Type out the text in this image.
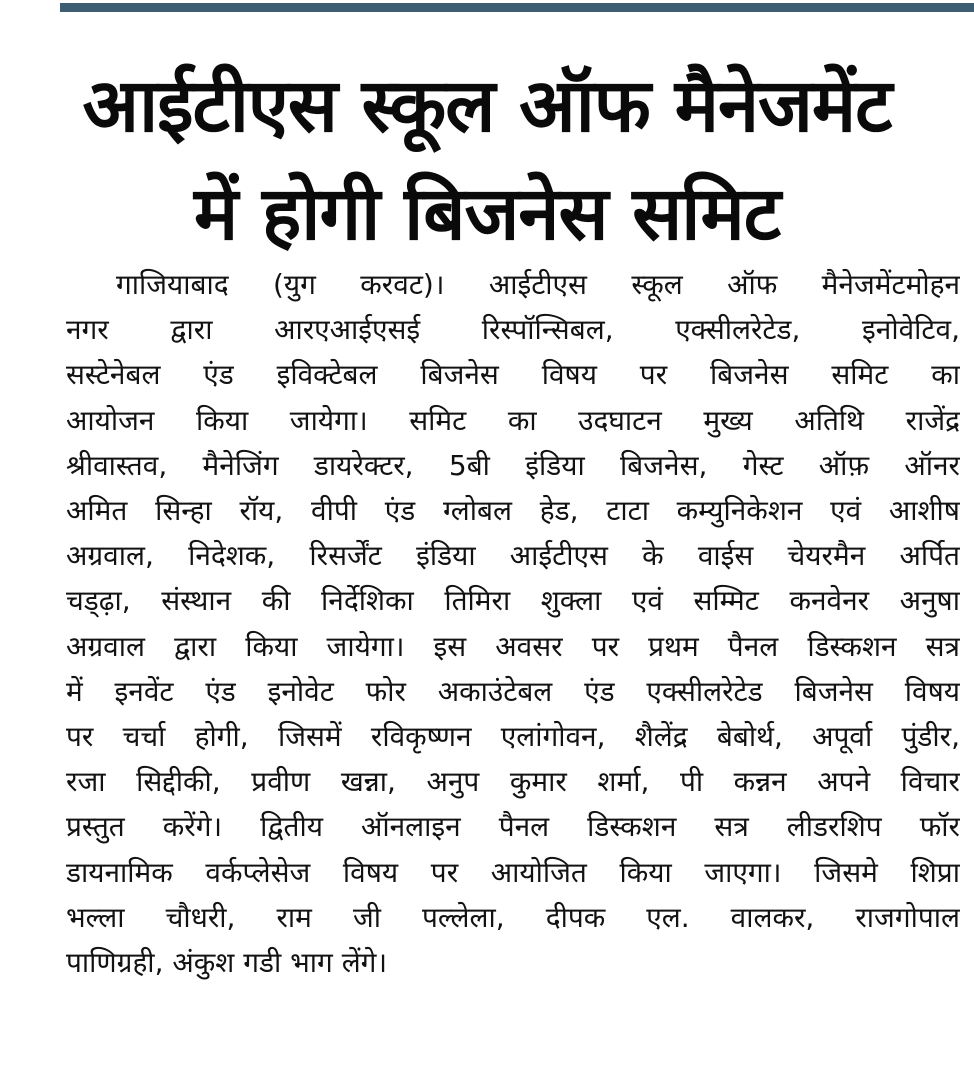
आईटीएस स्कूल ऑफ मैनेजमेंट
में होगी बिजनेस समिट
गाजियाबाद (युग करवट)। आईटीएस स्कूल ऑफ मैनेजमेंटमोहन
नगर द्वारा आरएआईएसई रिस्पॉन्सिबल, एक्सीलरेटेड, इनोवेटिव,
सस्टेनेबल एंड इविक्टेबल बिजनेस विषय पर बिजनेस समिट का
आयोजन किया जायेगा। समिट का उदघाटन मुख्य अतिथि राजेंद्र
श्रीवास्तव, मैनेजिंग डायरेक्टर, 5बी इंडिया बिजनेस, गेस्ट ऑफ़ ऑनर
अमित सिन्हा रॉय, वीपी एंड ग्लोबल हेड, टाटा कम्युनिकेशन एवं आशीष
अग्रवाल, निदेशक, रिसर्जेंट इंडिया आईटीएस के वाईस चेयरमैन अर्पित
चड्ढ़ा, संस्थान की निर्देशिका तिमिरा शुक्ला एवं सम्मिट कनवेनर अनुषा
अग्रवाल द्वारा किया जायेगा। इस अवसर पर प्रथम पैनल डिस्कशन सत्र
में इनवेंट एंड इनोवेट फोर अकाउंटेबल एंड एक्सीलरेटेड बिजनेस विषय
पर चर्चा होगी, जिसमें रविकृष्णन एलांगोवन, शैलेंद्र बेबोर्थ, अपूर्वा पुंडीर,
रजा सिद्दीकी, प्रवीण खन्ना, अनुप कुमार शर्मा, पी कन्नन अपने विचार
प्रस्तुत करेंगे। द्वितीय ऑनलाइन पैनल डिस्कशन सत्र लीडरशिप फॉर
डायनामिक वर्कप्लेसेज विषय पर आयोजित किया जाएगा। जिसमे शिप्रा
भल्ला चौधरी, राम जी पल्लेला, दीपक एल. वालकर, राजगोपाल
पाणिग्रही, अंकुश गडी भाग लेंगे।
